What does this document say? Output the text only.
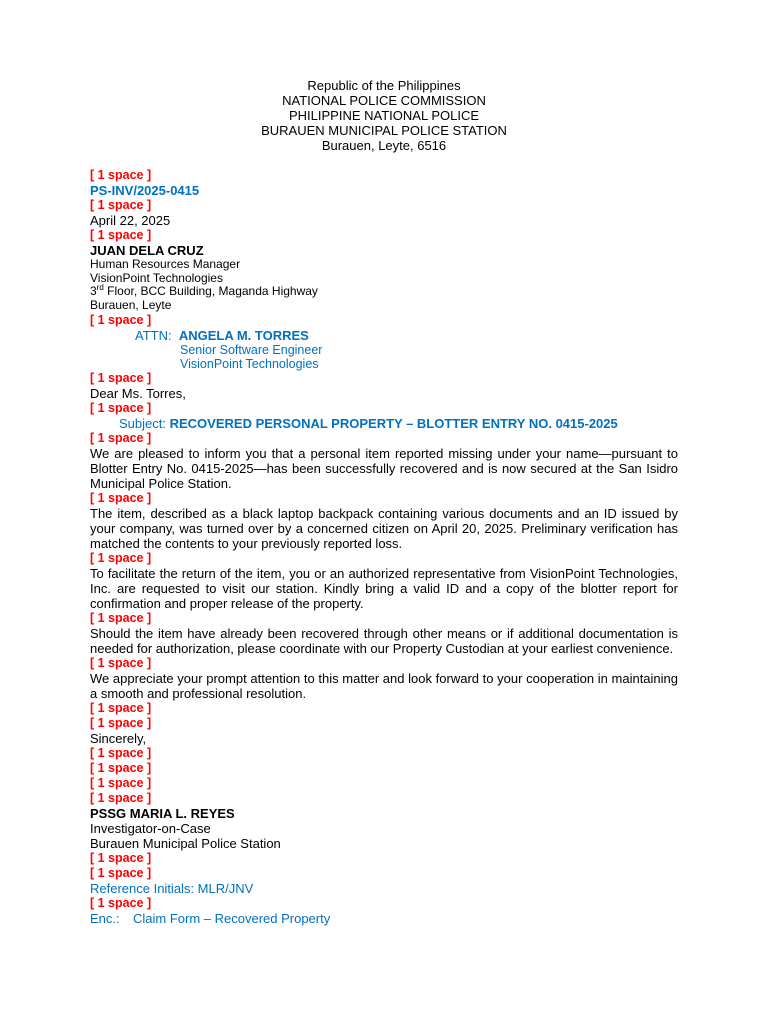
Republic of the Philippines
NATIONAL POLICE COMMISSION
PHILIPPINE NATIONAL POLICE
BURAUEN MUNICIPAL POLICE STATION
Burauen, Leyte, 6516
[ 1 space ]
PS-INV/2025-0415
[ 1 space ]
April 22, 2025
[ 1 space ]
JUAN DELA CRUZ
Human Resources Manager
VisionPoint Technologies
3rd Floor, BCC Building, Maganda Highway
Burauen, Leyte
[ 1 space ]
ATTN: ANGELA M. TORRES
Senior Software Engineer
VisionPoint Technologies
[ 1 space ]
Dear Ms. Torres,
[ 1 space ]
Subject: RECOVERED PERSONAL PROPERTY – BLOTTER ENTRY NO. 0415-2025
[ 1 space ]
We are pleased to inform you that a personal item reported missing under your name—pursuant to Blotter Entry No. 0415-2025—has been successfully recovered and is now secured at the San Isidro Municipal Police Station.
[ 1 space ]
The item, described as a black laptop backpack containing various documents and an ID issued by your company, was turned over by a concerned citizen on April 20, 2025. Preliminary verification has matched the contents to your previously reported loss.
[ 1 space ]
To facilitate the return of the item, you or an authorized representative from VisionPoint Technologies, Inc. are requested to visit our station. Kindly bring a valid ID and a copy of the blotter report for confirmation and proper release of the property.
[ 1 space ]
Should the item have already been recovered through other means or if additional documentation is needed for authorization, please coordinate with our Property Custodian at your earliest convenience.
[ 1 space ]
We appreciate your prompt attention to this matter and look forward to your cooperation in maintaining a smooth and professional resolution.
[ 1 space ]
[ 1 space ]
Sincerely,
[ 1 space ]
[ 1 space ]
[ 1 space ]
[ 1 space ]
PSSG MARIA L. REYES
Investigator-on-Case
Burauen Municipal Police Station
[ 1 space ]
[ 1 space ]
Reference Initials: MLR/JNV
[ 1 space ]
Enc.: Claim Form – Recovered Property
